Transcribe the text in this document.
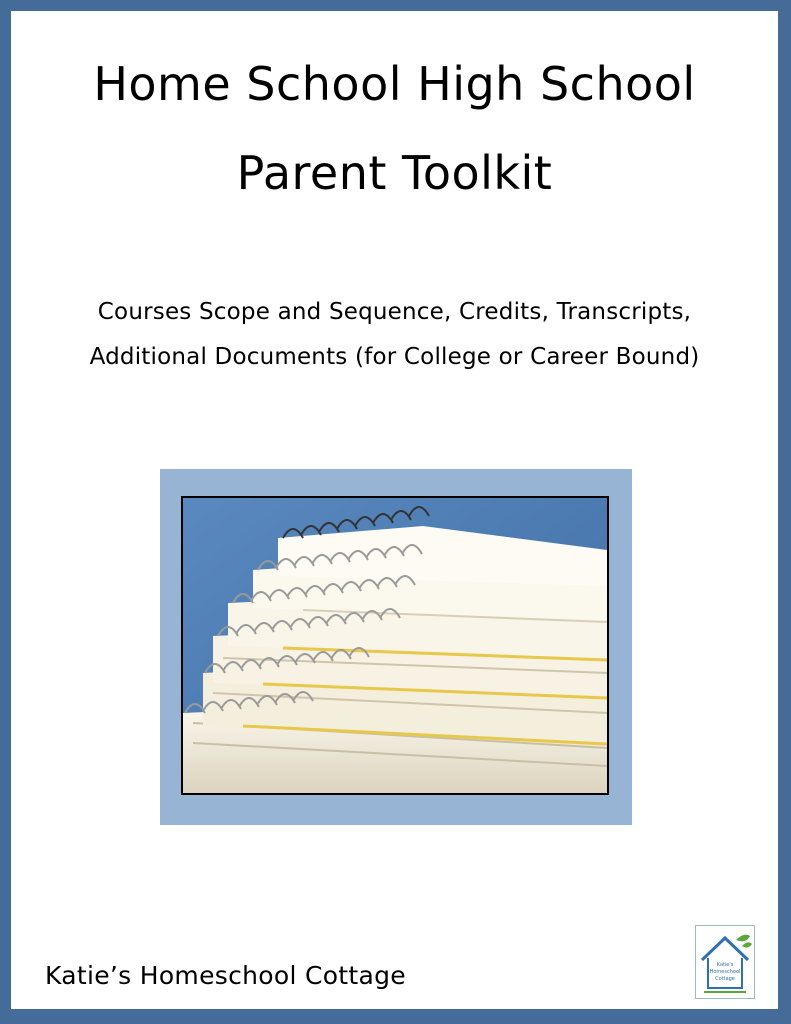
Home School High School
Parent Toolkit
Courses Scope and Sequence, Credits, Transcripts,
Additional Documents (for College or Career Bound)
Katie’s Homeschool Cottage	Katie's
Homeschool
Cottage
